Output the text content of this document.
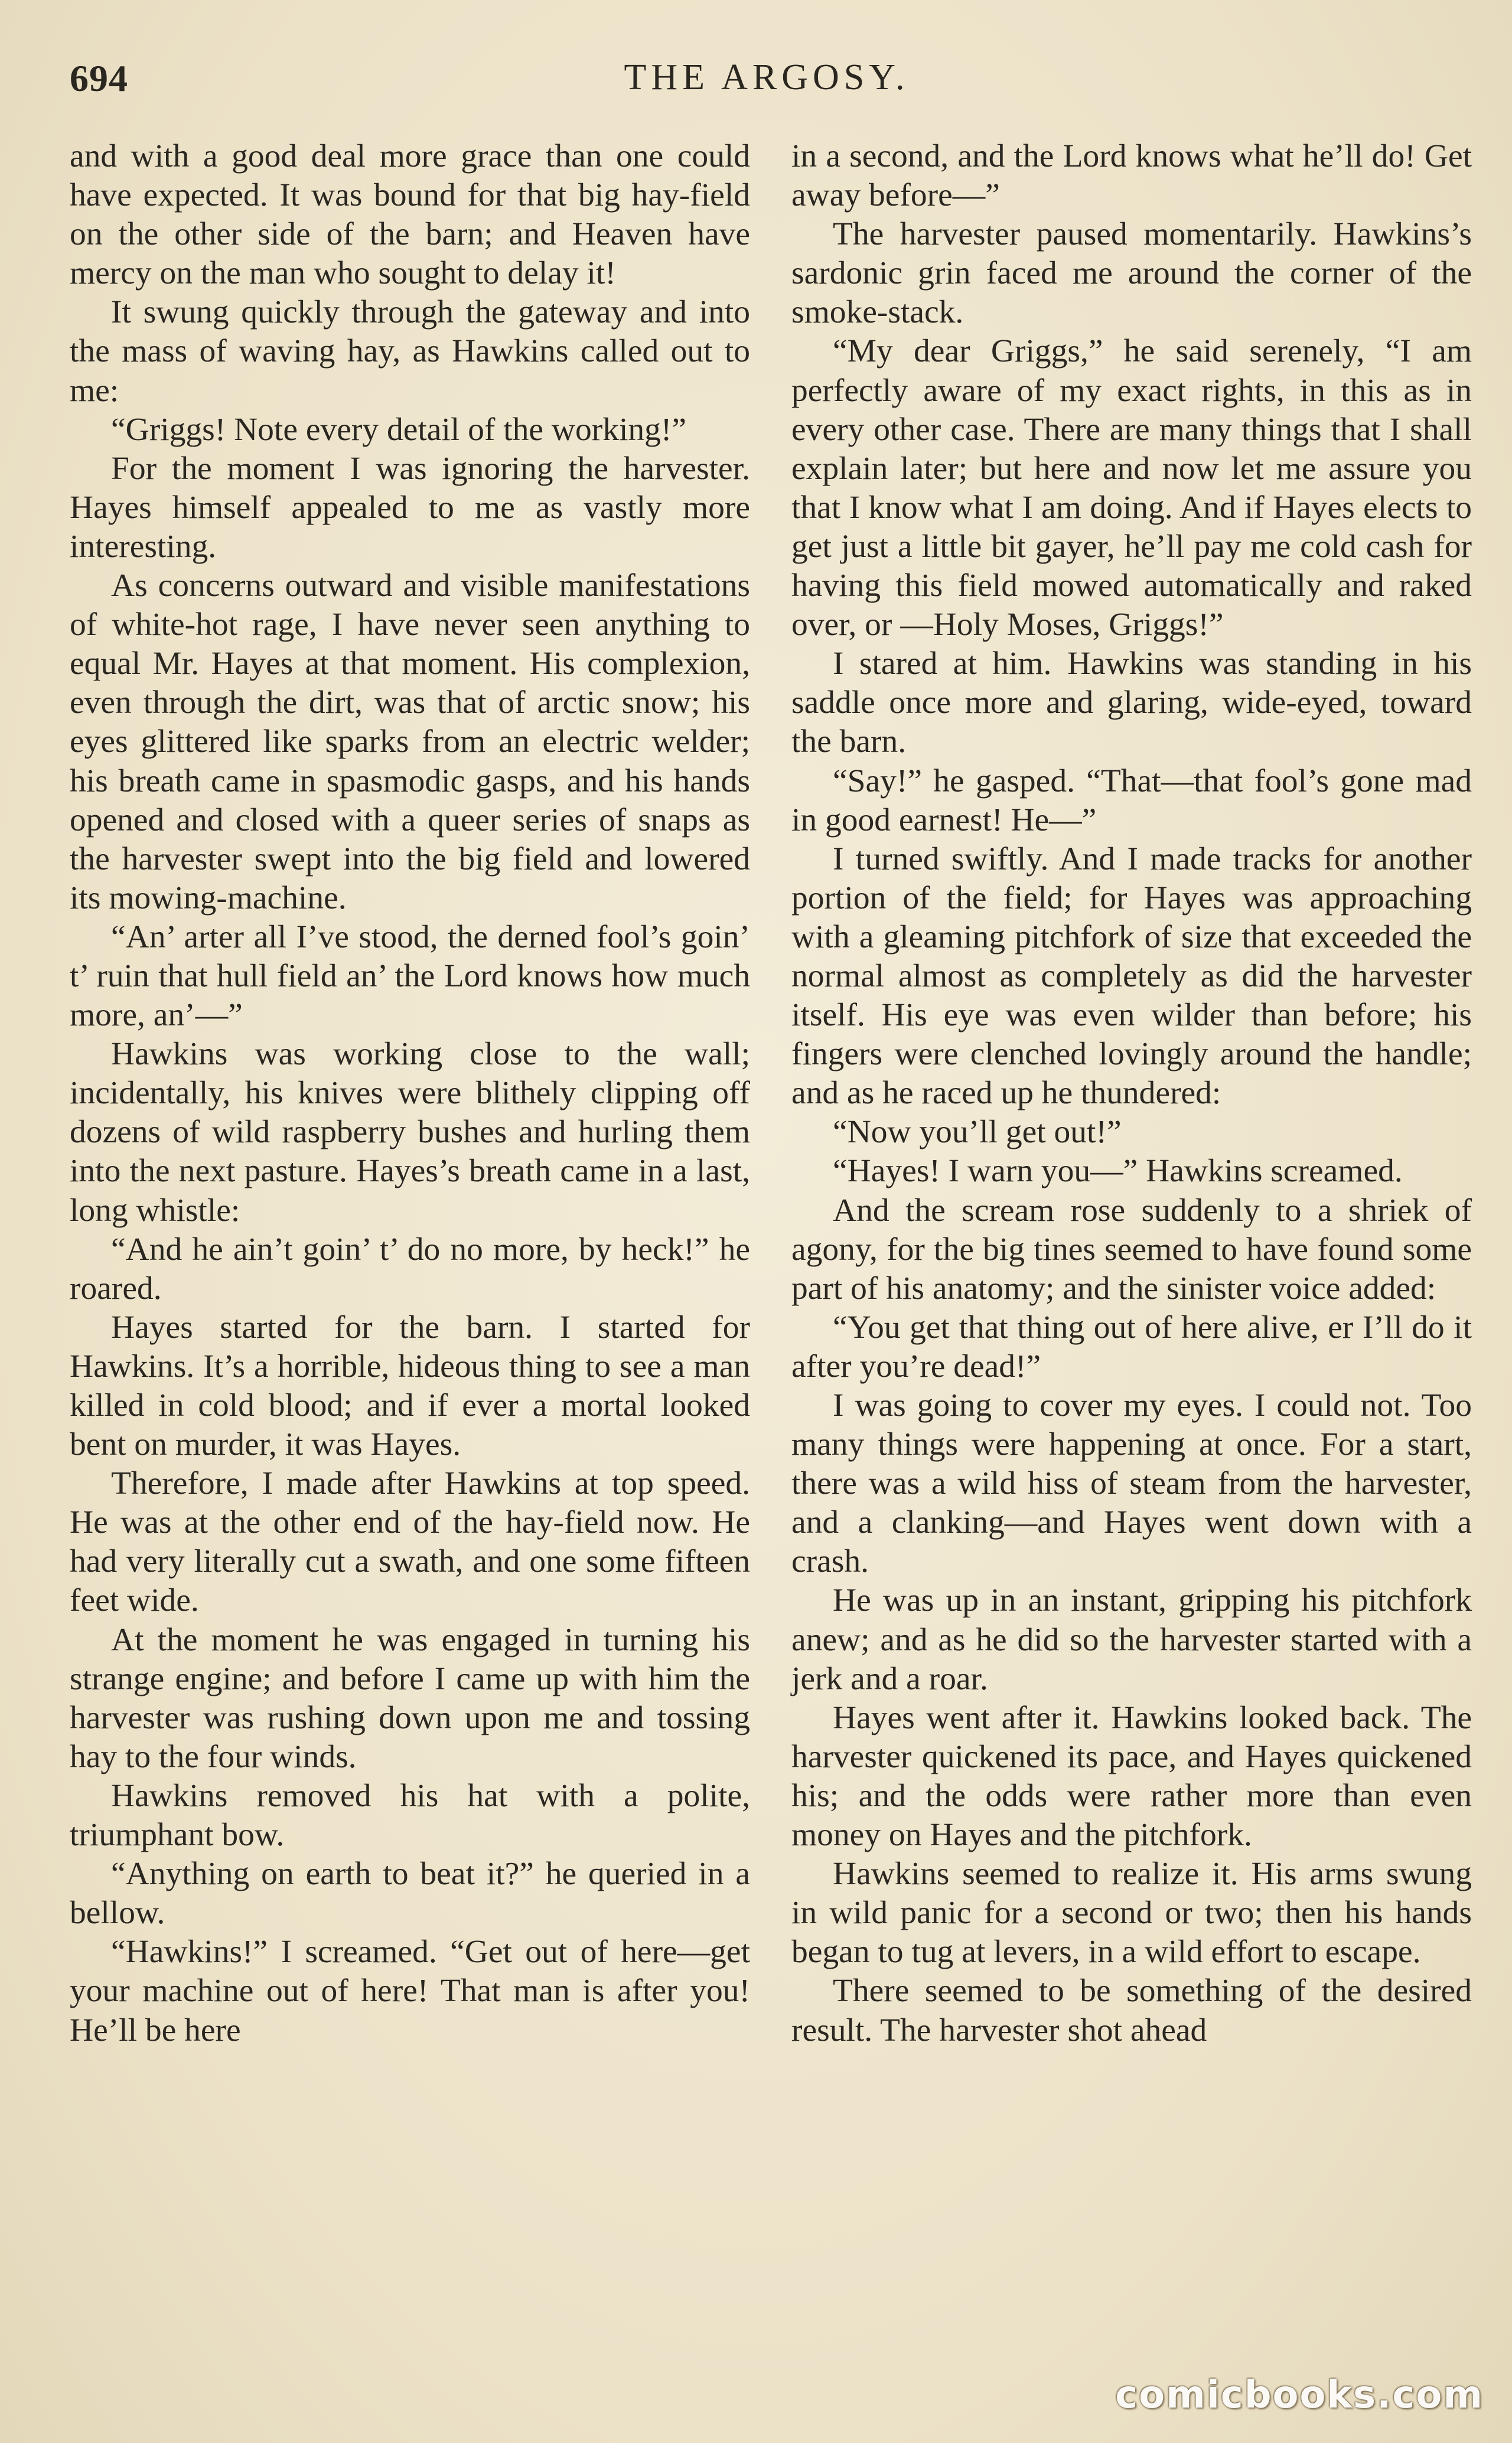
694	THE ARGOSY.

and with a good deal more grace than one could have expected. It was bound for that big hay-field on the other side of the barn; and Heaven have mercy on the man who sought to delay it!

It swung quickly through the gateway and into the mass of waving hay, as Hawkins called out to me:

“Griggs! Note every detail of the working!”

For the moment I was ignoring the harvester. Hayes himself appealed to me as vastly more interesting.

As concerns outward and visible manifestations of white-hot rage, I have never seen anything to equal Mr. Hayes at that moment. His complexion, even through the dirt, was that of arctic snow; his eyes glittered like sparks from an electric welder; his breath came in spasmodic gasps, and his hands opened and closed with a queer series of snaps as the harvester swept into the big field and lowered its mowing-machine.

“An’ arter all I’ve stood, the derned fool’s goin’ t’ ruin that hull field an’ the Lord knows how much more, an’—”

Hawkins was working close to the wall; incidentally, his knives were blithely clipping off dozens of wild raspberry bushes and hurling them into the next pasture. Hayes’s breath came in a last, long whistle:

“And he ain’t goin’ t’ do no more, by heck!” he roared.

Hayes started for the barn. I started for Hawkins. It’s a horrible, hideous thing to see a man killed in cold blood; and if ever a mortal looked bent on murder, it was Hayes.

Therefore, I made after Hawkins at top speed. He was at the other end of the hay-field now. He had very literally cut a swath, and one some fifteen feet wide.

At the moment he was engaged in turning his strange engine; and before I came up with him the harvester was rushing down upon me and tossing hay to the four winds.

Hawkins removed his hat with a polite, triumphant bow.

“Anything on earth to beat it?” he queried in a bellow.

“Hawkins!” I screamed. “Get out of here—get your machine out of here! That man is after you! He’ll be here

in a second, and the Lord knows what he’ll do! Get away before—”

The harvester paused momentarily. Hawkins’s sardonic grin faced me around the corner of the smoke-stack.

“My dear Griggs,” he said serenely, “I am perfectly aware of my exact rights, in this as in every other case. There are many things that I shall explain later; but here and now let me assure you that I know what I am doing. And if Hayes elects to get just a little bit gayer, he’ll pay me cold cash for having this field mowed automatically and raked over, or —Holy Moses, Griggs!”

I stared at him. Hawkins was standing in his saddle once more and glaring, wide-eyed, toward the barn.

“Say!” he gasped. “That—that fool’s gone mad in good earnest! He—”

I turned swiftly. And I made tracks for another portion of the field; for Hayes was approaching with a gleaming pitchfork of size that exceeded the normal almost as completely as did the harvester itself. His eye was even wilder than before; his fingers were clenched lovingly around the handle; and as he raced up he thundered:

“Now you’ll get out!”

“Hayes! I warn you—” Hawkins screamed.

And the scream rose suddenly to a shriek of agony, for the big tines seemed to have found some part of his anatomy; and the sinister voice added:

“You get that thing out of here alive, er I’ll do it after you’re dead!”

I was going to cover my eyes. I could not. Too many things were happening at once. For a start, there was a wild hiss of steam from the harvester, and a clanking—and Hayes went down with a crash.

He was up in an instant, gripping his pitchfork anew; and as he did so the harvester started with a jerk and a roar.

Hayes went after it. Hawkins looked back. The harvester quickened its pace, and Hayes quickened his; and the odds were rather more than even money on Hayes and the pitchfork.

Hawkins seemed to realize it. His arms swung in wild panic for a second or two; then his hands began to tug at levers, in a wild effort to escape.

There seemed to be something of the desired result. The harvester shot ahead

comicbooks.com
